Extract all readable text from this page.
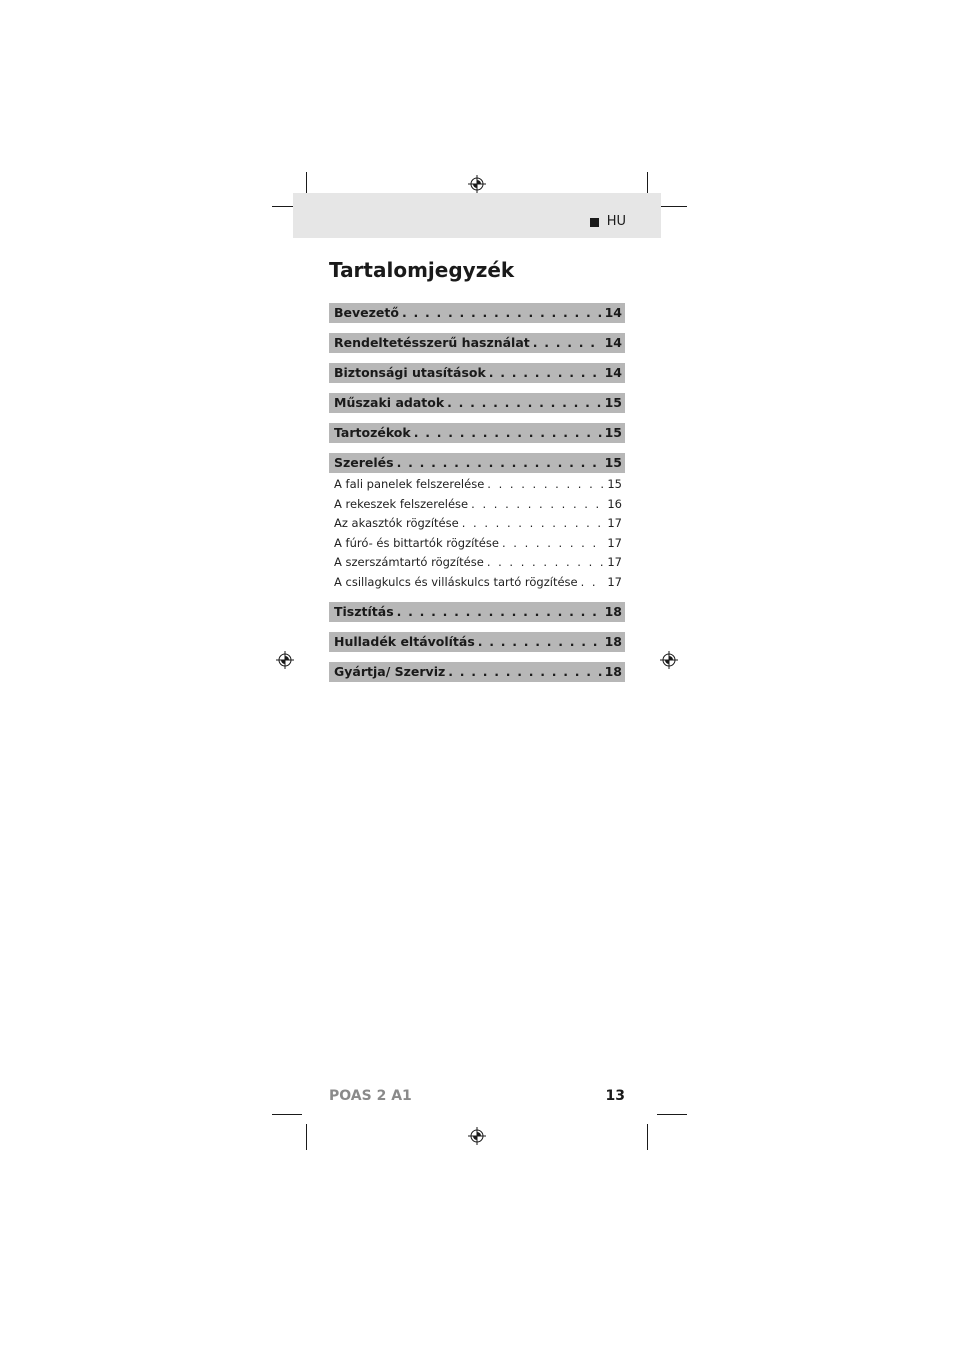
HU
Tartalomjegyzék
Bevezető . . .	14
Rendeltetésszerű használat . . .	14
Biztonsági utasítások . . .	14
Műszaki adatok . . .	15
Tartozékok . . .	15
Szerelés . . .	15
A fali panelek felszerelése . . .	15
A rekeszek felszerelése . . .	16
Az akasztók rögzítése . . .	17
A fúró- és bittartók rögzítése . . .	17
A szerszámtartó rögzítése . . .	17
A csillagkulcs és villáskulcs tartó rögzítése . . .	17
Tisztítás . . .	18
Hulladék eltávolítás . . .	18
Gyártja/ Szerviz . . .	18
POAS 2 A1	13
